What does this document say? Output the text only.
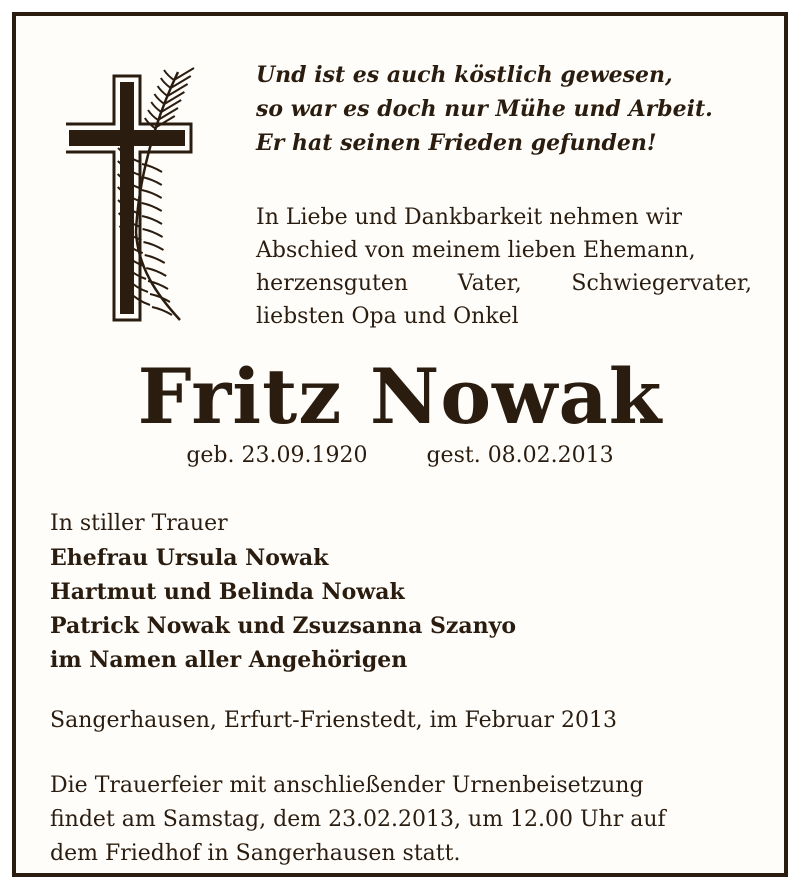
Und ist es auch köstlich gewesen,
so war es doch nur Mühe und Arbeit.
Er hat seinen Frieden gefunden!
In Liebe und Dankbarkeit nehmen wir
Abschied von meinem lieben Ehemann,
herzensguten Vater, Schwiegervater,
liebsten Opa und Onkel
Fritz Nowak
geb. 23.09.1920	gest. 08.02.2013
In stiller Trauer
Ehefrau Ursula Nowak
Hartmut und Belinda Nowak
Patrick Nowak und Zsuzsanna Szanyo
im Namen aller Angehörigen
Sangerhausen, Erfurt-Frienstedt, im Februar 2013
Die Trauerfeier mit anschließender Urnenbeisetzung
findet am Samstag, dem 23.02.2013, um 12.00 Uhr auf
dem Friedhof in Sangerhausen statt.
